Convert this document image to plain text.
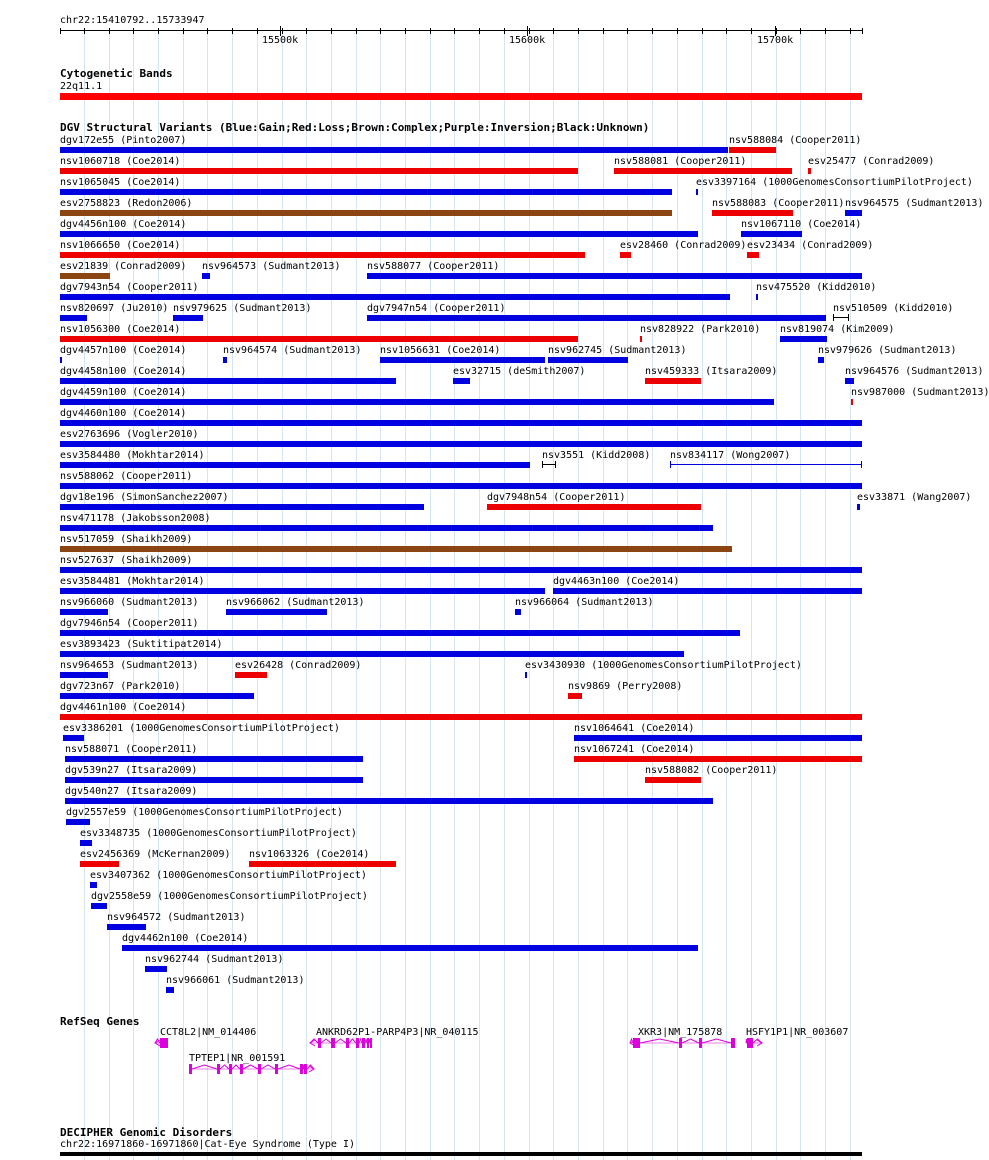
chr22:15410792..15733947
15500k	15600k	15700k
Cytogenetic Bands
22q11.1
DGV Structural Variants (Blue:Gain;Red:Loss;Brown:Complex;Purple:Inversion;Black:Unknown)
dgv172e55 (Pinto2007)	nsv588084 (Cooper2011)
nsv1060718 (Coe2014)	nsv588081 (Cooper2011)	esv25477 (Conrad2009)
nsv1065045 (Coe2014)	esv3397164 (1000GenomesConsortiumPilotProject)
esv2758823 (Redon2006)	nsv588083 (Cooper2011) nsv964575 (Sudmant2013)
dgv4456n100 (Coe2014)	nsv1067110 (Coe2014)
nsv1066650 (Coe2014)	esv28460 (Conrad2009) esv23434 (Conrad2009)
esv21839 (Conrad2009) nsv964573 (Sudmant2013)	nsv588077 (Cooper2011)
dgv7943n54 (Cooper2011)	nsv475520 (Kidd2010)
nsv820697 (Ju2010) nsv979625 (Sudmant2013)	dgv7947n54 (Cooper2011)	nsv510509 (Kidd2010)
nsv1056300 (Coe2014)	nsv828922 (Park2010) nsv819074 (Kim2009)
dgv4457n100 (Coe2014)	nsv964574 (Sudmant2013) nsv1056631 (Coe2014)	nsv962745 (Sudmant2013)	nsv979626 (Sudmant2013)
dgv4458n100 (Coe2014)	esv32715 (deSmith2007)	nsv459333 (Itsara2009)	nsv964576 (Sudmant2013)
dgv4459n100 (Coe2014)	nsv987000 (Sudmant2013)
dgv4460n100 (Coe2014)
esv2763696 (Vogler2010)
esv3584480 (Mokhtar2014)	nsv3551 (Kidd2008) nsv834117 (Wong2007)
nsv588062 (Cooper2011)
dgv18e196 (SimonSanchez2007)	dgv7948n54 (Cooper2011)	esv33871 (Wang2007)
nsv471178 (Jakobsson2008)
nsv517059 (Shaikh2009)
nsv527637 (Shaikh2009)
esv3584481 (Mokhtar2014)	dgv4463n100 (Coe2014)
nsv966060 (Sudmant2013)	nsv966062 (Sudmant2013)	nsv966064 (Sudmant2013)
dgv7946n54 (Cooper2011)
esv3893423 (Suktitipat2014)
nsv964653 (Sudmant2013)	esv26428 (Conrad2009)	esv3430930 (1000GenomesConsortiumPilotProject)
dgv723n67 (Park2010)	nsv9869 (Perry2008)
dgv4461n100 (Coe2014)
esv3386201 (1000GenomesConsortiumPilotProject)	nsv1064641 (Coe2014)
nsv588071 (Cooper2011)	nsv1067241 (Coe2014)
dgv539n27 (Itsara2009)	nsv588082 (Cooper2011)
dgv540n27 (Itsara2009)
dgv2557e59 (1000GenomesConsortiumPilotProject)
esv3348735 (1000GenomesConsortiumPilotProject)
esv2456369 (McKernan2009) nsv1063326 (Coe2014)
esv3407362 (1000GenomesConsortiumPilotProject)
dgv2558e59 (1000GenomesConsortiumPilotProject)
nsv964572 (Sudmant2013)
dgv4462n100 (Coe2014)
nsv962744 (Sudmant2013)
nsv966061 (Sudmant2013)
RefSeq Genes
CCT8L2|NM_014406	ANKRD62P1-PARP4P3|NR_040115	XKR3|NM_175878 HSFY1P1|NR_003607
TPTEP1|NR_001591
DECIPHER Genomic Disorders
chr22:16971860-16971860|Cat-Eye Syndrome (Type I)
